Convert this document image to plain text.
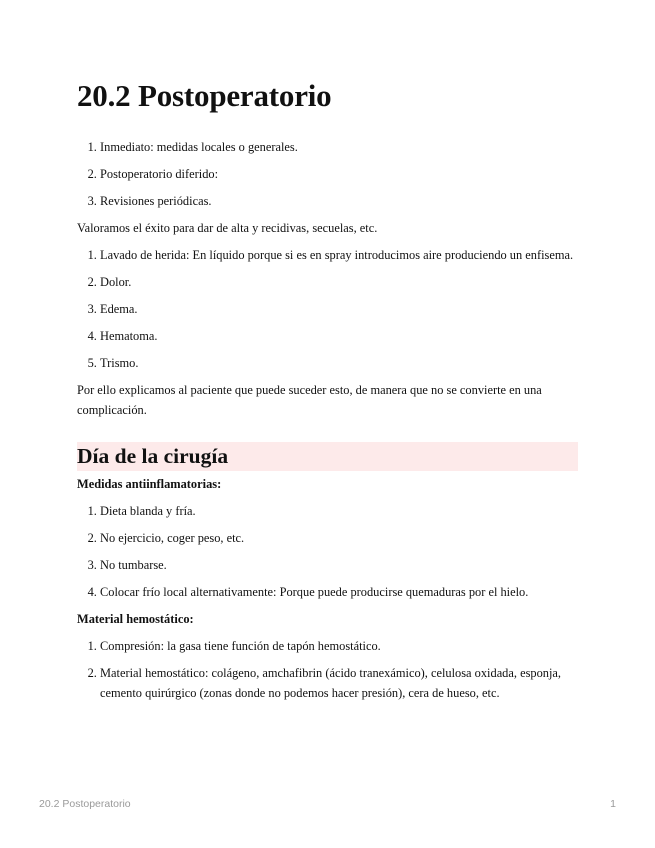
20.2 Postoperatorio
1. Inmediato: medidas locales o generales.
2. Postoperatorio diferido:
3. Revisiones periódicas.

Valoramos el éxito para dar de alta y recidivas, secuelas, etc.

1. Lavado de herida: En líquido porque si es en spray introducimos aire produciendo un enfisema.
2. Dolor.
3. Edema.
4. Hematoma.
5. Trismo.

Por ello explicamos al paciente que puede suceder esto, de manera que no se convierte en una complicación.

Día de la cirugía
Medidas antiinflamatorias:
1. Dieta blanda y fría.
2. No ejercicio, coger peso, etc.
3. No tumbarse.
4. Colocar frío local alternativamente: Porque puede producirse quemaduras por el hielo.
Material hemostático:
1. Compresión: la gasa tiene función de tapón hemostático.
2. Material hemostático: colágeno, amchafibrin (ácido tranexámico), celulosa oxidada, esponja, cemento quirúrgico (zonas donde no podemos hacer presión), cera de hueso, etc.
20.2 Postoperatorio	1
